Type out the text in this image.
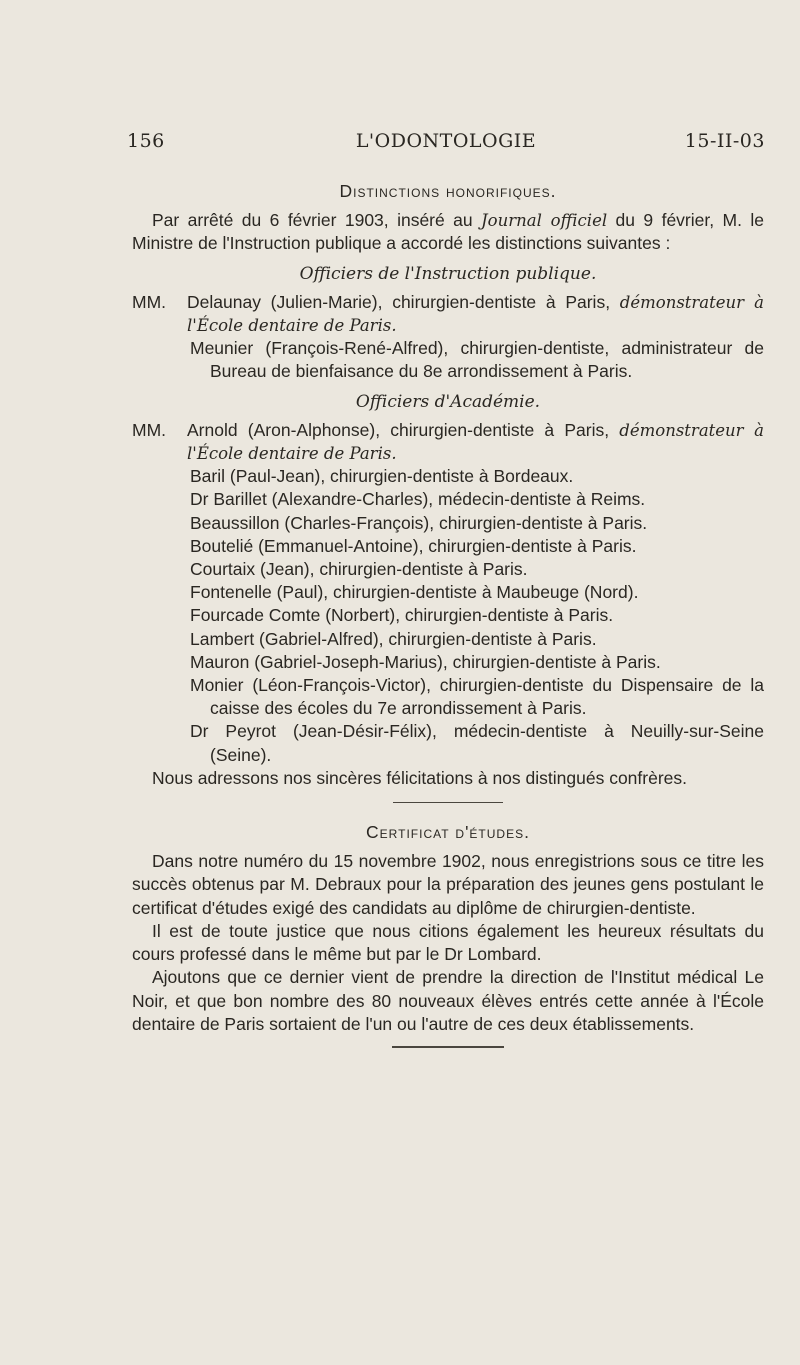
156	L'ODONTOLOGIE	15-II-03
Distinctions honorifiques.

Par arrêté du 6 février 1903, inséré au Journal officiel du 9 février, M. le Ministre de l'Instruction publique a accordé les distinctions suivantes :

Officiers de l'Instruction publique.

MM. Delaunay (Julien-Marie), chirurgien-dentiste à Paris, démonstrateur à l'École dentaire de Paris.

Meunier (François-René-Alfred), chirurgien-dentiste, administrateur de Bureau de bienfaisance du 8e arrondissement à Paris.

Officiers d'Académie.

MM. Arnold (Aron-Alphonse), chirurgien-dentiste à Paris, démonstrateur à l'École dentaire de Paris.

Baril (Paul-Jean), chirurgien-dentiste à Bordeaux.

Dr Barillet (Alexandre-Charles), médecin-dentiste à Reims.

Beaussillon (Charles-François), chirurgien-dentiste à Paris.

Boutelié (Emmanuel-Antoine), chirurgien-dentiste à Paris.

Courtaix (Jean), chirurgien-dentiste à Paris.

Fontenelle (Paul), chirurgien-dentiste à Maubeuge (Nord).

Fourcade Comte (Norbert), chirurgien-dentiste à Paris.

Lambert (Gabriel-Alfred), chirurgien-dentiste à Paris.

Mauron (Gabriel-Joseph-Marius), chirurgien-dentiste à Paris.

Monier (Léon-François-Victor), chirurgien-dentiste du Dispensaire de la caisse des écoles du 7e arrondissement à Paris.

Dr Peyrot (Jean-Désir-Félix), médecin-dentiste à Neuilly-sur-Seine (Seine).

Nous adressons nos sincères félicitations à nos distingués confrères.

Certificat d'études.

Dans notre numéro du 15 novembre 1902, nous enregistrions sous ce titre les succès obtenus par M. Debraux pour la préparation des jeunes gens postulant le certificat d'études exigé des candidats au diplôme de chirurgien-dentiste.

Il est de toute justice que nous citions également les heureux résultats du cours professé dans le même but par le Dr Lombard.

Ajoutons que ce dernier vient de prendre la direction de l'Institut médical Le Noir, et que bon nombre des 80 nouveaux élèves entrés cette année à l'École dentaire de Paris sortaient de l'un ou l'autre de ces deux établissements.
